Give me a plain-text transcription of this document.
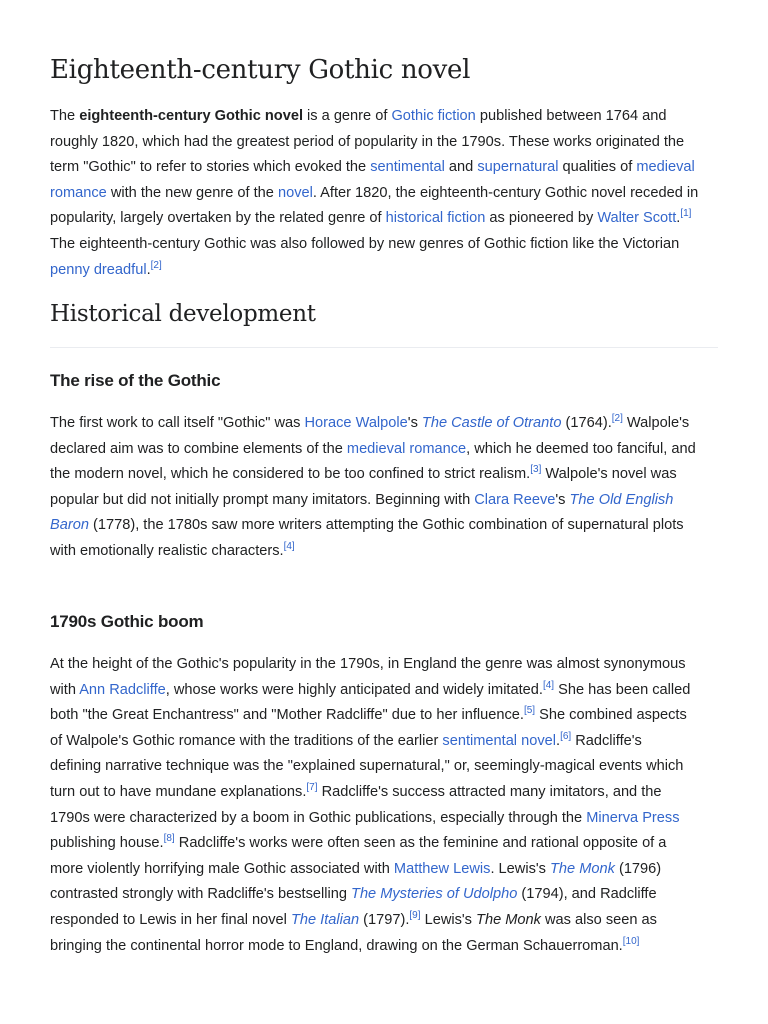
Eighteenth-century Gothic novel
The eighteenth-century Gothic novel is a genre of Gothic fiction published between 1764 and
roughly 1820, which had the greatest period of popularity in the 1790s. These works originated the
term "Gothic" to refer to stories which evoked the sentimental and supernatural qualities of medieval
romance with the new genre of the novel. After 1820, the eighteenth-century Gothic novel receded in
popularity, largely overtaken by the related genre of historical fiction as pioneered by Walter Scott.[1]
The eighteenth-century Gothic was also followed by new genres of Gothic fiction like the Victorian
penny dreadful.[2]
Historical development
The rise of the Gothic
The first work to call itself "Gothic" was Horace Walpole's The Castle of Otranto (1764).[2] Walpole's
declared aim was to combine elements of the medieval romance, which he deemed too fanciful, and
the modern novel, which he considered to be too confined to strict realism.[3] Walpole's novel was
popular but did not initially prompt many imitators. Beginning with Clara Reeve's The Old English
Baron (1778), the 1780s saw more writers attempting the Gothic combination of supernatural plots
with emotionally realistic characters.[4]
1790s Gothic boom
At the height of the Gothic's popularity in the 1790s, in England the genre was almost synonymous
with Ann Radcliffe, whose works were highly anticipated and widely imitated.[4] She has been called
both "the Great Enchantress" and "Mother Radcliffe" due to her influence.[5] She combined aspects
of Walpole's Gothic romance with the traditions of the earlier sentimental novel.[6] Radcliffe's
defining narrative technique was the "explained supernatural," or, seemingly-magical events which
turn out to have mundane explanations.[7] Radcliffe's success attracted many imitators, and the
1790s were characterized by a boom in Gothic publications, especially through the Minerva Press
publishing house.[8] Radcliffe's works were often seen as the feminine and rational opposite of a
more violently horrifying male Gothic associated with Matthew Lewis. Lewis's The Monk (1796)
contrasted strongly with Radcliffe's bestselling The Mysteries of Udolpho (1794), and Radcliffe
responded to Lewis in her final novel The Italian (1797).[9] Lewis's The Monk was also seen as
bringing the continental horror mode to England, drawing on the German Schauerroman.[10]
